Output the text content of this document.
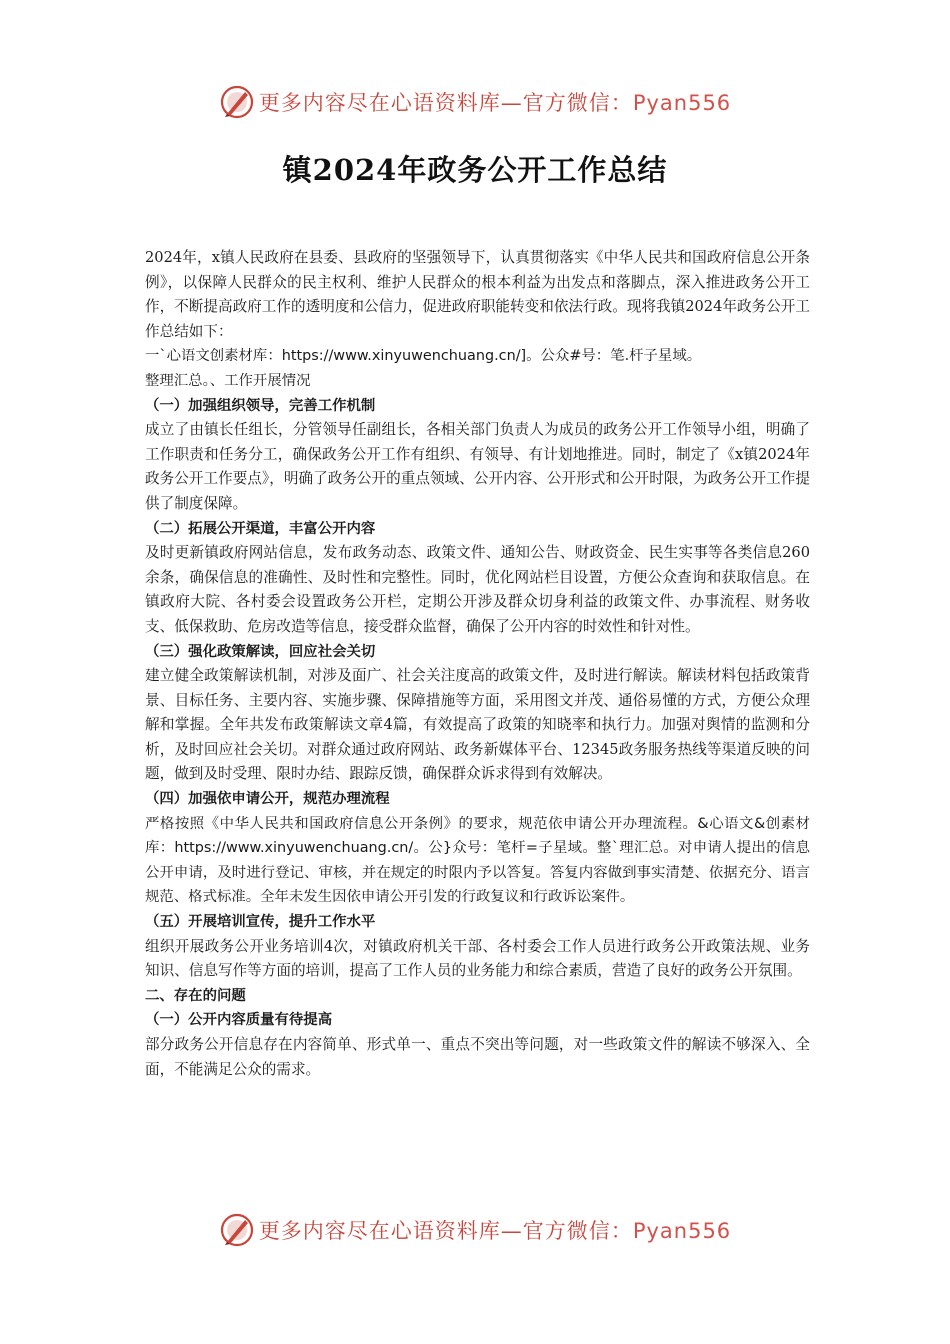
更多内容尽在心语资料库—官方微信：Pyan556
镇2024年政务公开工作总结

2024年，x镇人民政府在县委、县政府的坚强领导下，认真贯彻落实《中华人民共和国政府信息公开条例》，以保障人民群众的民主权利、维护人民群众的根本利益为出发点和落脚点，深入推进政务公开工作，不断提高政府工作的透明度和公信力，促进政府职能转变和依法行政。现将我镇2024年政务公开工作总结如下：

一`心语文创素材库：https://www.xinyuwenchuang.cn/]。公众#号：笔.杆子星域。

整理汇总。、工作开展情况

（一）加强组织领导，完善工作机制

成立了由镇长任组长，分管领导任副组长，各相关部门负责人为成员的政务公开工作领导小组，明确了工作职责和任务分工，确保政务公开工作有组织、有领导、有计划地推进。同时，制定了《x镇2024年政务公开工作要点》，明确了政务公开的重点领域、公开内容、公开形式和公开时限，为政务公开工作提供了制度保障。

（二）拓展公开渠道，丰富公开内容

及时更新镇政府网站信息，发布政务动态、政策文件、通知公告、财政资金、民生实事等各类信息260余条，确保信息的准确性、及时性和完整性。同时，优化网站栏目设置，方便公众查询和获取信息。在镇政府大院、各村委会设置政务公开栏，定期公开涉及群众切身利益的政策文件、办事流程、财务收支、低保救助、危房改造等信息，接受群众监督，确保了公开内容的时效性和针对性。

（三）强化政策解读，回应社会关切

建立健全政策解读机制，对涉及面广、社会关注度高的政策文件，及时进行解读。解读材料包括政策背景、目标任务、主要内容、实施步骤、保障措施等方面，采用图文并茂、通俗易懂的方式，方便公众理解和掌握。全年共发布政策解读文章4篇，有效提高了政策的知晓率和执行力。加强对舆情的监测和分析，及时回应社会关切。对群众通过政府网站、政务新媒体平台、12345政务服务热线等渠道反映的问题，做到及时受理、限时办结、跟踪反馈，确保群众诉求得到有效解决。

（四）加强依申请公开，规范办理流程

严格按照《中华人民共和国政府信息公开条例》的要求，规范依申请公开办理流程。&心语文&创素材库：https://www.xinyuwenchuang.cn/。公}众号：笔杆=子星域。整`理汇总。对申请人提出的信息公开申请，及时进行登记、审核，并在规定的时限内予以答复。答复内容做到事实清楚、依据充分、语言规范、格式标准。全年未发生因依申请公开引发的行政复议和行政诉讼案件。

（五）开展培训宣传，提升工作水平

组织开展政务公开业务培训4次，对镇政府机关干部、各村委会工作人员进行政务公开政策法规、业务知识、信息写作等方面的培训，提高了工作人员的业务能力和综合素质，营造了良好的政务公开氛围。

二、存在的问题

（一）公开内容质量有待提高

部分政务公开信息存在内容简单、形式单一、重点不突出等问题，对一些政策文件的解读不够深入、全面，不能满足公众的需求。

更多内容尽在心语资料库—官方微信：Pyan556
